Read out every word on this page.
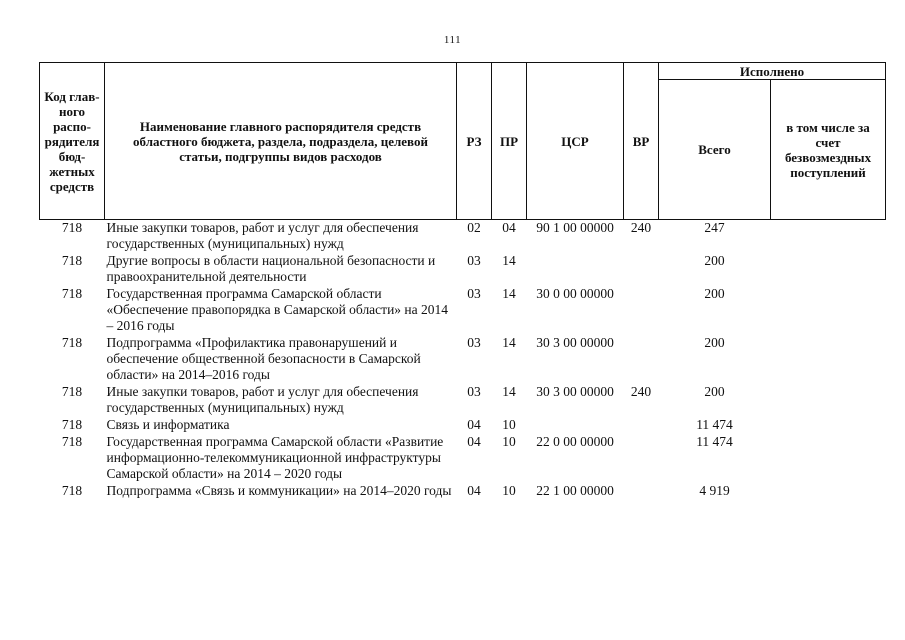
111
Код главного распорядителя бюджетных средств	Наименование главного распорядителя средств областного бюджета, раздела, подраздела, целевой статьи, подгруппы видов расходов	РЗ	ПР	ЦСР	ВР	Исполнено	
						Всего	в том числе за счет безвозмездных поступлений
718	Иные закупки товаров, работ и услуг для обеспечения государственных (муниципальных) нужд	02	04	90 1 00 00000	240	247	
718	Другие вопросы в области национальной безопасности и правоохранительной деятельности	03	14			200	
718	Государственная программа Самарской области «Обеспечение правопорядка в Самарской области» на 2014 – 2016 годы	03	14	30 0 00 00000		200	
718	Подпрограмма «Профилактика правонарушений и обеспечение общественной безопасности в Самарской области» на 2014–2016 годы	03	14	30 3 00 00000		200	
718	Иные закупки товаров, работ и услуг для обеспечения государственных (муниципальных) нужд	03	14	30 3 00 00000	240	200	
718	Связь и информатика	04	10			11 474	
718	Государственная программа Самарской области «Развитие информационно-телекоммуникационной инфраструктуры Самарской области» на 2014 – 2020 годы	04	10	22 0 00 00000		11 474	
718	Подпрограмма «Связь и коммуникации» на 2014–2020 годы	04	10	22 1 00 00000		4 919	
